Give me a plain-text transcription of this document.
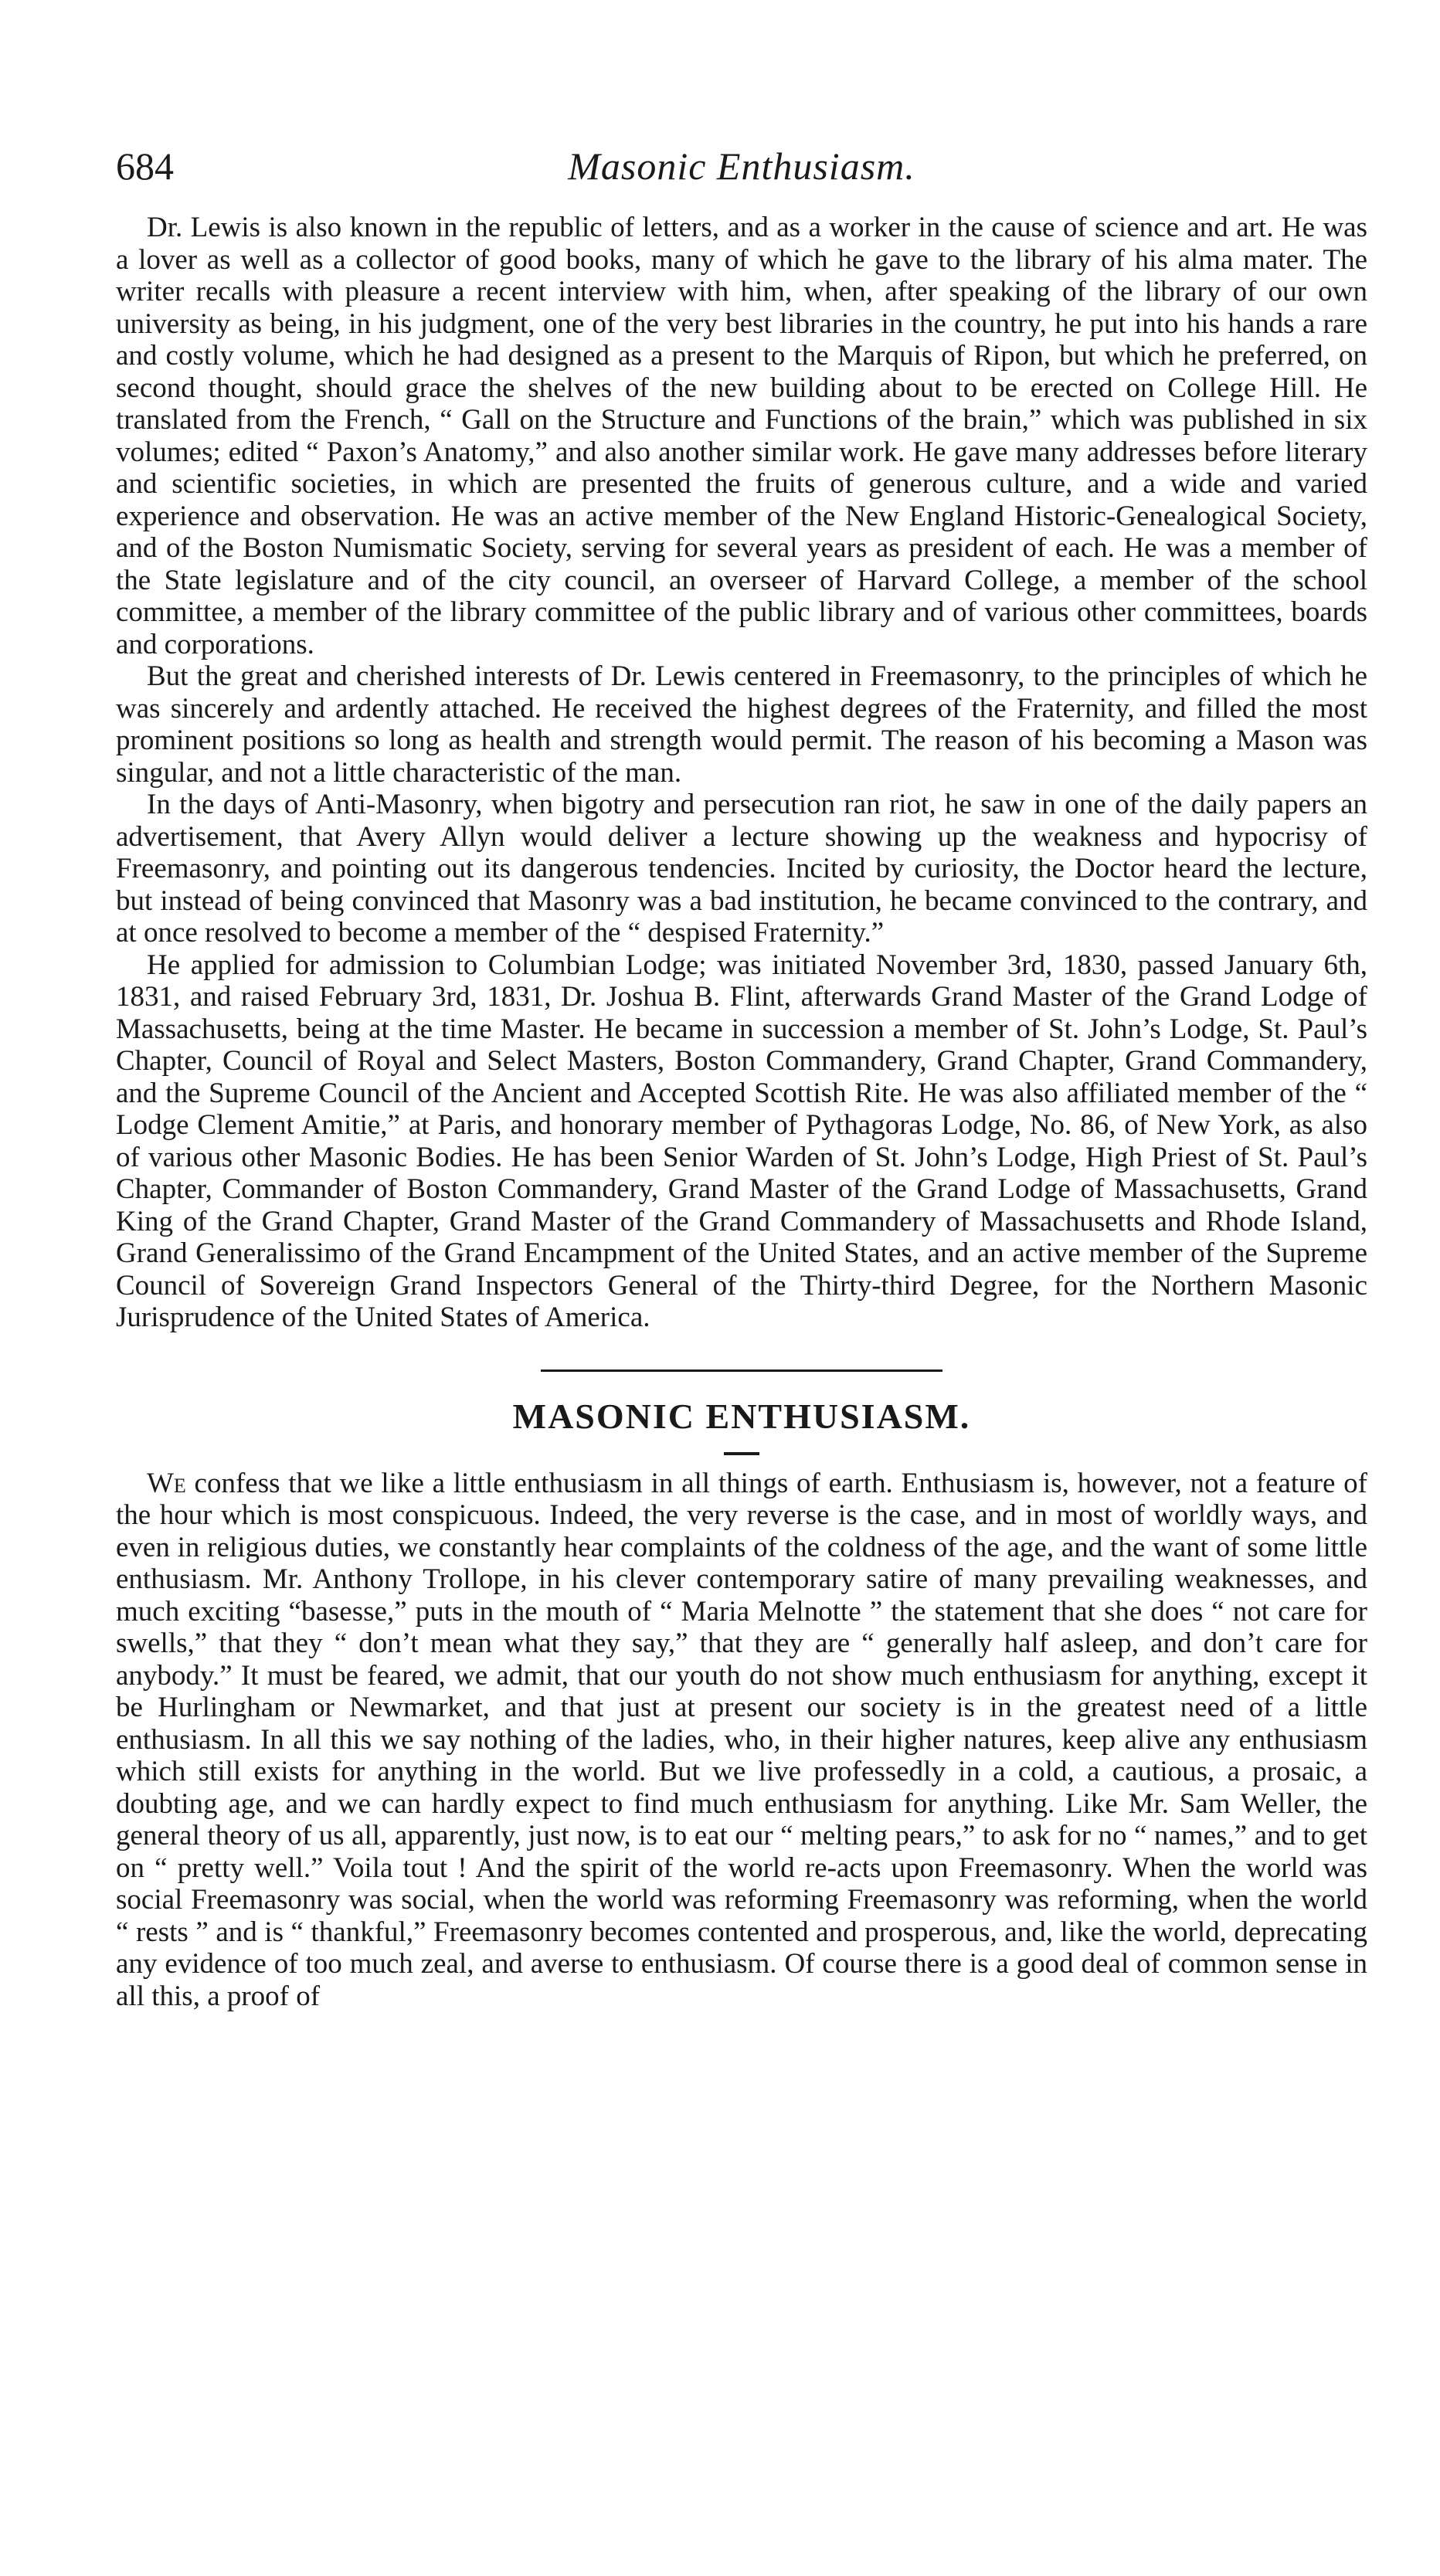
684	Masonic Enthusiasm.

Dr. Lewis is also known in the republic of letters, and as a worker in the cause of science and art. He was a lover as well as a collector of good books, many of which he gave to the library of his alma mater. The writer recalls with pleasure a recent interview with him, when, after speaking of the library of our own university as being, in his judgment, one of the very best libraries in the country, he put into his hands a rare and costly volume, which he had designed as a present to the Marquis of Ripon, but which he preferred, on second thought, should grace the shelves of the new building about to be erected on College Hill. He translated from the French, “ Gall on the Structure and Functions of the brain,” which was published in six volumes; edited “ Paxon’s Anatomy,” and also another similar work. He gave many addresses before literary and scientific societies, in which are presented the fruits of generous culture, and a wide and varied experience and observation. He was an active member of the New England Historic-Genealogical Society, and of the Boston Numismatic Society, serving for several years as president of each. He was a member of the State legislature and of the city council, an overseer of Harvard College, a member of the school committee, a member of the library committee of the public library and of various other committees, boards and corporations.

But the great and cherished interests of Dr. Lewis centered in Freemasonry, to the principles of which he was sincerely and ardently attached. He received the highest degrees of the Fraternity, and filled the most prominent positions so long as health and strength would permit. The reason of his becoming a Mason was singular, and not a little characteristic of the man.

In the days of Anti-Masonry, when bigotry and persecution ran riot, he saw in one of the daily papers an advertisement, that Avery Allyn would deliver a lecture showing up the weakness and hypocrisy of Freemasonry, and pointing out its dangerous tendencies. Incited by curiosity, the Doctor heard the lecture, but instead of being convinced that Masonry was a bad institution, he became convinced to the contrary, and at once resolved to become a member of the “ despised Fraternity.”

He applied for admission to Columbian Lodge; was initiated November 3rd, 1830, passed January 6th, 1831, and raised February 3rd, 1831, Dr. Joshua B. Flint, afterwards Grand Master of the Grand Lodge of Massachusetts, being at the time Master. He became in succession a member of St. John’s Lodge, St. Paul’s Chapter, Council of Royal and Select Masters, Boston Commandery, Grand Chapter, Grand Commandery, and the Supreme Council of the Ancient and Accepted Scottish Rite. He was also affiliated member of the “ Lodge Clement Amitie,” at Paris, and honorary member of Pythagoras Lodge, No. 86, of New York, as also of various other Masonic Bodies. He has been Senior Warden of St. John’s Lodge, High Priest of St. Paul’s Chapter, Commander of Boston Commandery, Grand Master of the Grand Lodge of Massachusetts, Grand King of the Grand Chapter, Grand Master of the Grand Commandery of Massachusetts and Rhode Island, Grand Generalissimo of the Grand Encampment of the United States, and an active member of the Supreme Council of Sovereign Grand Inspectors General of the Thirty-third Degree, for the Northern Masonic Jurisprudence of the United States of America.

MASONIC ENTHUSIASM.

We confess that we like a little enthusiasm in all things of earth. Enthusiasm is, however, not a feature of the hour which is most conspicuous. Indeed, the very reverse is the case, and in most of worldly ways, and even in religious duties, we constantly hear complaints of the coldness of the age, and the want of some little enthusiasm. Mr. Anthony Trollope, in his clever contemporary satire of many prevailing weaknesses, and much exciting “basesse,” puts in the mouth of “ Maria Melnotte ” the statement that she does “ not care for swells,” that they “ don’t mean what they say,” that they are “ generally half asleep, and don’t care for anybody.” It must be feared, we admit, that our youth do not show much enthusiasm for anything, except it be Hurlingham or Newmarket, and that just at present our society is in the greatest need of a little enthusiasm. In all this we say nothing of the ladies, who, in their higher natures, keep alive any enthusiasm which still exists for anything in the world. But we live professedly in a cold, a cautious, a prosaic, a doubting age, and we can hardly expect to find much enthusiasm for anything. Like Mr. Sam Weller, the general theory of us all, apparently, just now, is to eat our “ melting pears,” to ask for no “ names,” and to get on “ pretty well.” Voila tout ! And the spirit of the world re-acts upon Freemasonry. When the world was social Freemasonry was social, when the world was reforming Freemasonry was reforming, when the world “ rests ” and is “ thankful,” Freemasonry becomes contented and prosperous, and, like the world, deprecating any evidence of too much zeal, and averse to enthusiasm. Of course there is a good deal of common sense in all this, a proof of
